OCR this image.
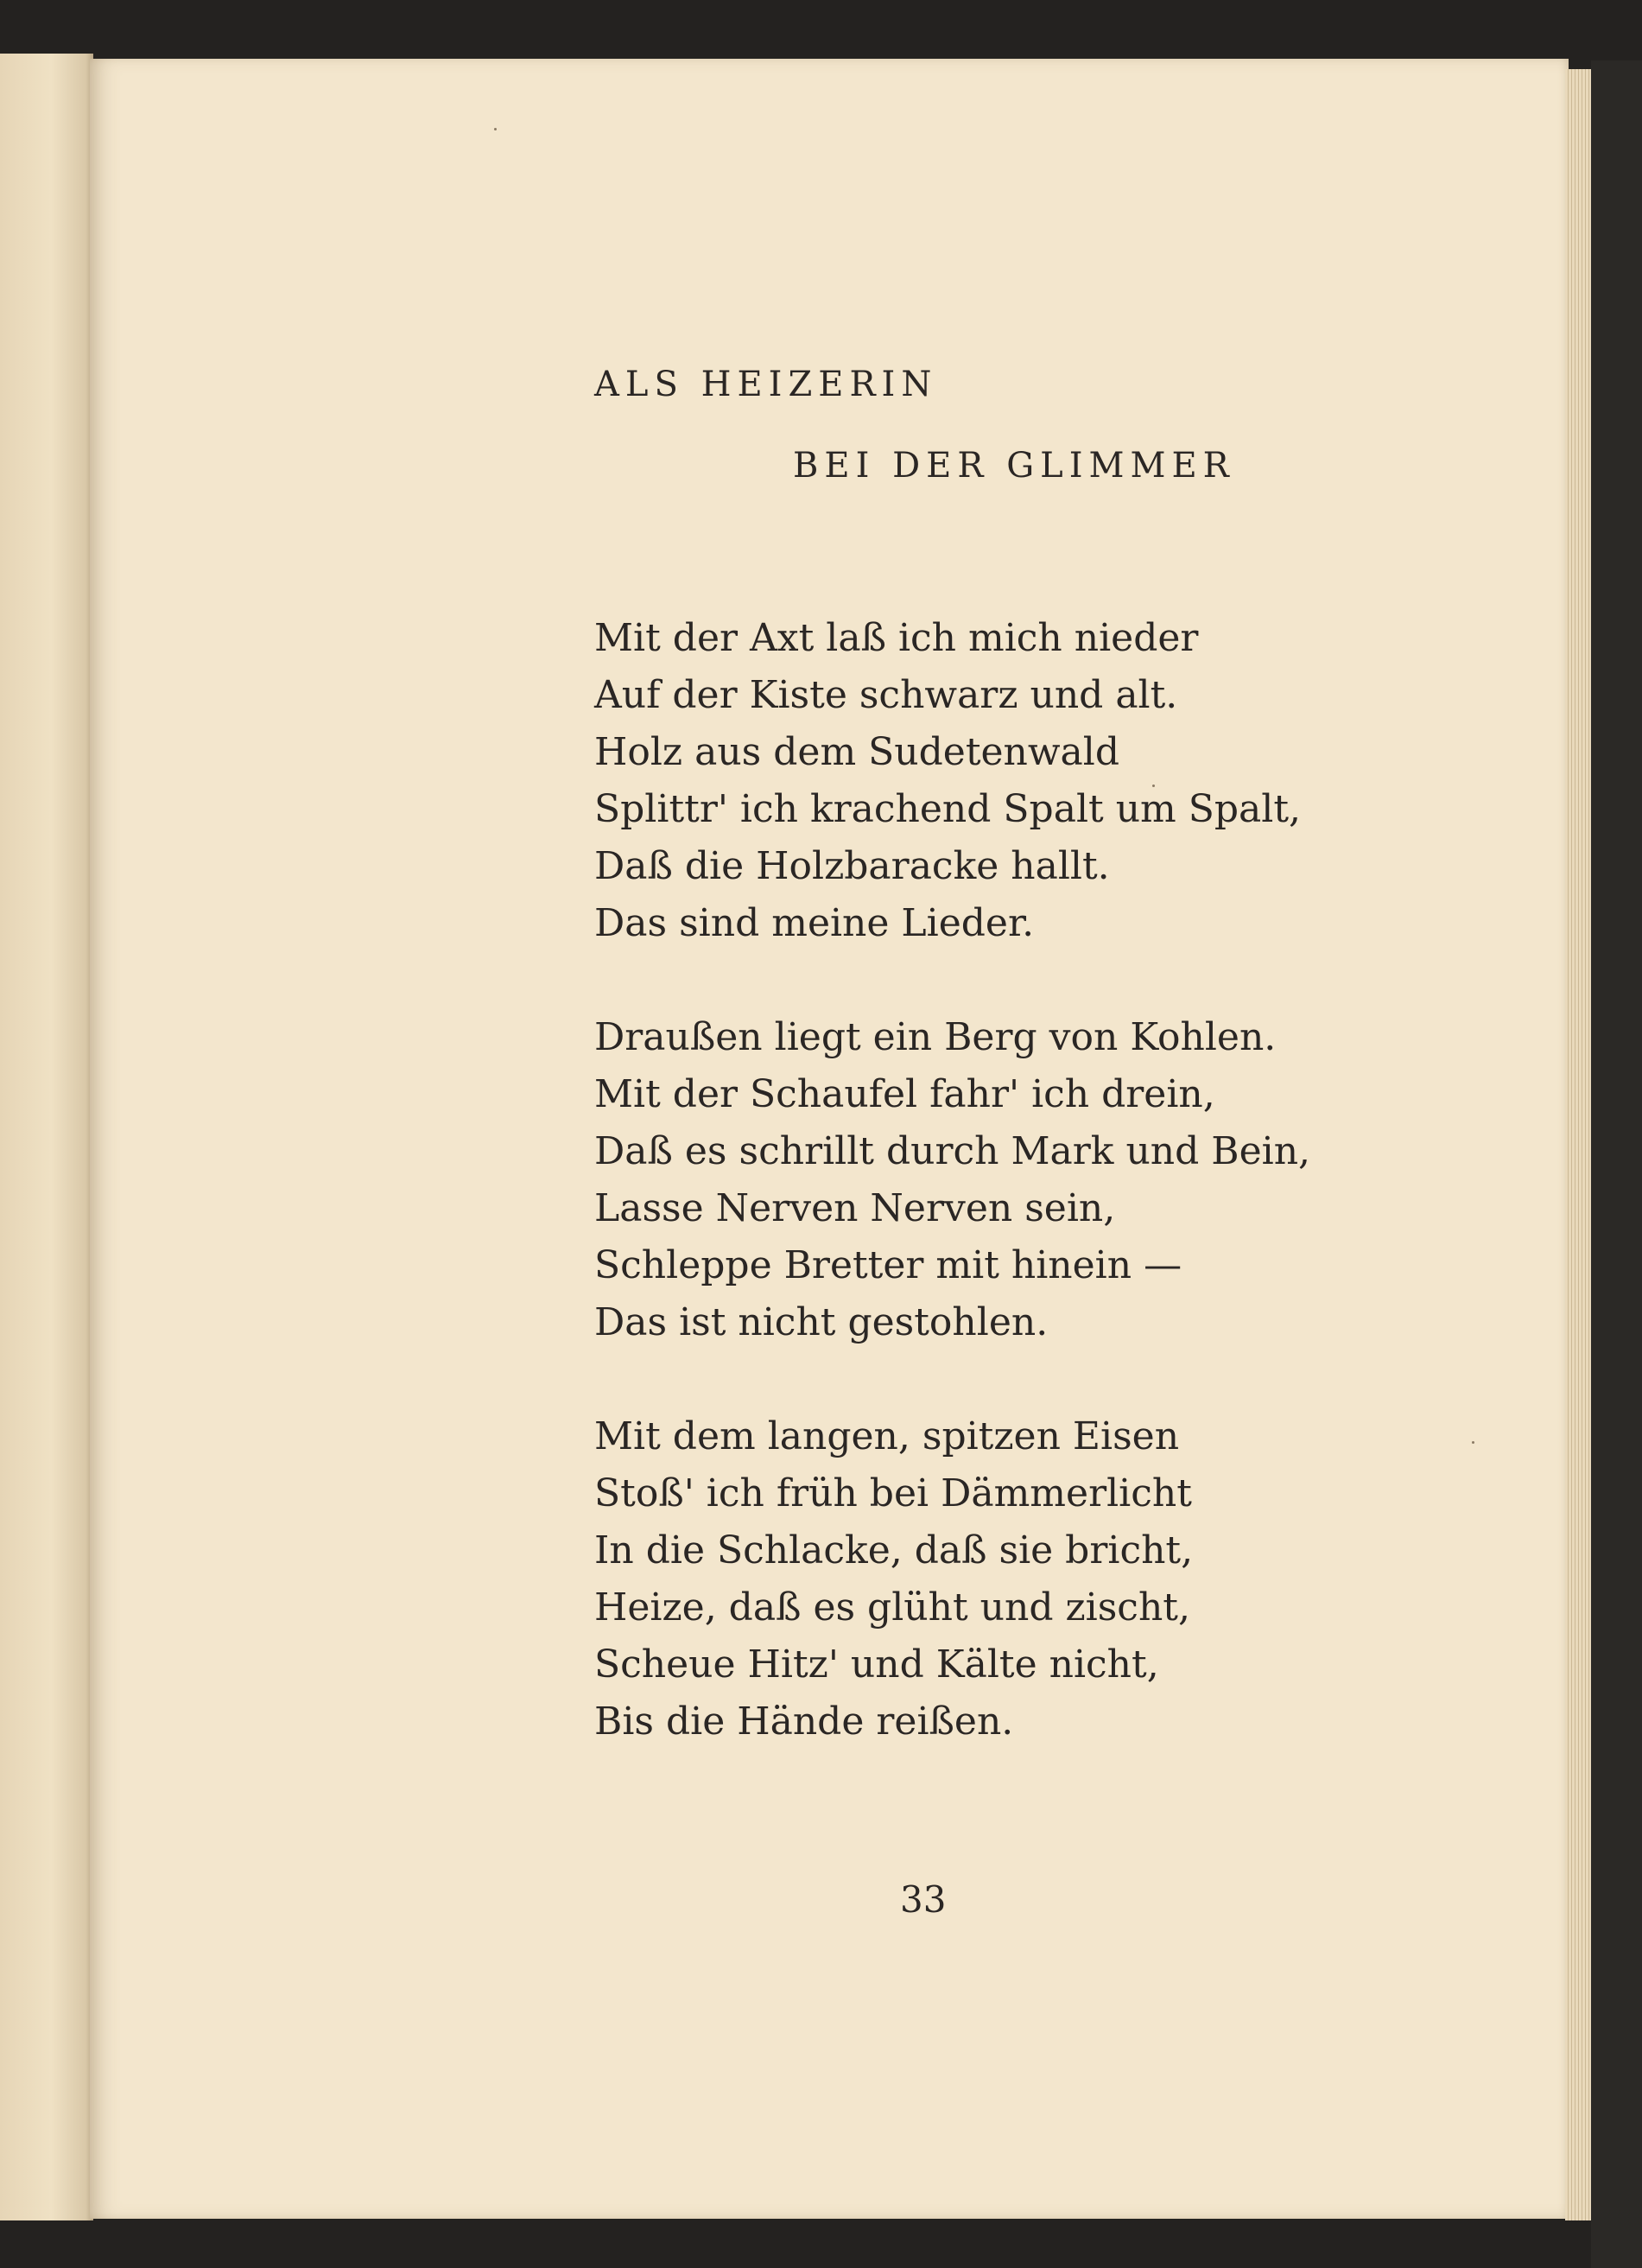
ALS HEIZERIN
BEI DER GLIMMER
Mit der Axt laß ich mich nieder
Auf der Kiste schwarz und alt.
Holz aus dem Sudetenwald
Splittr' ich krachend Spalt um Spalt,
Daß die Holzbaracke hallt.
Das sind meine Lieder.
Draußen liegt ein Berg von Kohlen.
Mit der Schaufel fahr' ich drein,
Daß es schrillt durch Mark und Bein,
Lasse Nerven Nerven sein,
Schleppe Bretter mit hinein —
Das ist nicht gestohlen.
Mit dem langen, spitzen Eisen
Stoß' ich früh bei Dämmerlicht
In die Schlacke, daß sie bricht,
Heize, daß es glüht und zischt,
Scheue Hitz' und Kälte nicht,
Bis die Hände reißen.
33
